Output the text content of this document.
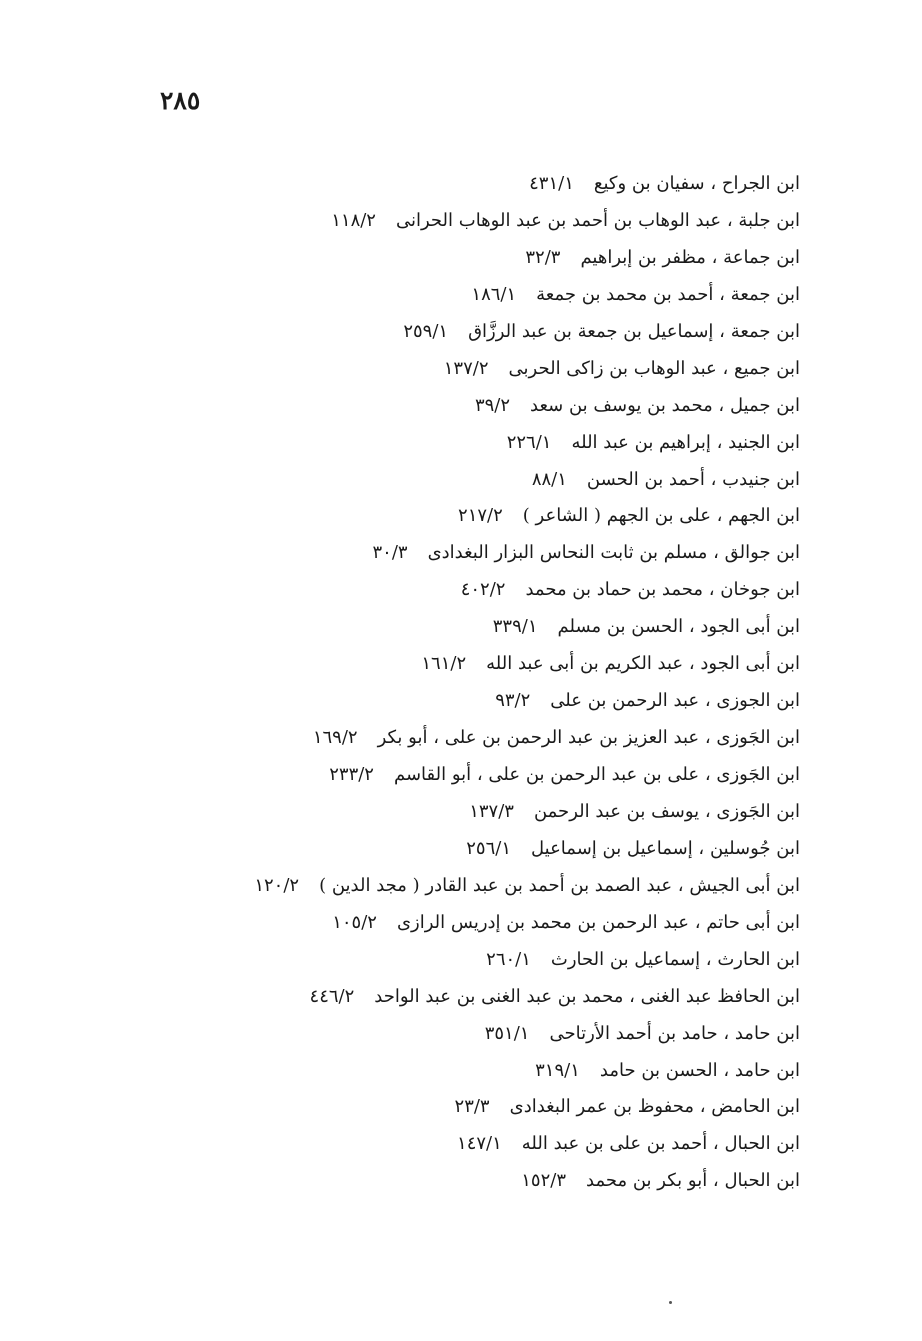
٢٨٥
ابن الجراح ، سفيان بن وكيع٤٣١/١
ابن جلبة ، عبد الوهاب بن أحمد بن عبد الوهاب الحرانى١١٨/٢
ابن جماعة ، مظفر بن إبراهيم٣٢/٣
ابن جمعة ، أحمد بن محمد بن جمعة١٨٦/١
ابن جمعة ، إسماعيل بن جمعة بن عبد الرزَّاق٢٥٩/١
ابن جميع ، عبد الوهاب بن زاكى الحربى١٣٧/٢
ابن جميل ، محمد بن يوسف بن سعد٣٩/٢
ابن الجنيد ، إبراهيم بن عبد الله٢٢٦/١
ابن جنيدب ، أحمد بن الحسن٨٨/١
ابن الجهم ، على بن الجهم ( الشاعر )٢١٧/٢
ابن جوالق ، مسلم بن ثابت النحاس البزار البغدادى٣٠/٣
ابن جوخان ، محمد بن حماد بن محمد٤٠٢/٢
ابن أبى الجود ، الحسن بن مسلم٣٣٩/١
ابن أبى الجود ، عبد الكريم بن أبى عبد الله١٦١/٢
ابن الجوزى ، عبد الرحمن بن على٩٣/٢
ابن الجَوزى ، عبد العزيز بن عبد الرحمن بن على ، أبو بكر١٦٩/٢
ابن الجَوزى ، على بن عبد الرحمن بن على ، أبو القاسم٢٣٣/٢
ابن الجَوزى ، يوسف بن عبد الرحمن١٣٧/٣
ابن جُوسلين ، إسماعيل بن إسماعيل٢٥٦/١
ابن أبى الجيش ، عبد الصمد بن أحمد بن عبد القادر ( مجد الدين )١٢٠/٢
ابن أبى حاتم ، عبد الرحمن بن محمد بن إدريس الرازى١٠٥/٢
ابن الحارث ، إسماعيل بن الحارث٢٦٠/١
ابن الحافظ عبد الغنى ، محمد بن عبد الغنى بن عبد الواحد٤٤٦/٢
ابن حامد ، حامد بن أحمد الأرتاحى٣٥١/١
ابن حامد ، الحسن بن حامد٣١٩/١
ابن الحامض ، محفوظ بن عمر البغدادى٢٣/٣
ابن الحبال ، أحمد بن على بن عبد الله١٤٧/١
ابن الحبال ، أبو بكر بن محمد١٥٢/٣
